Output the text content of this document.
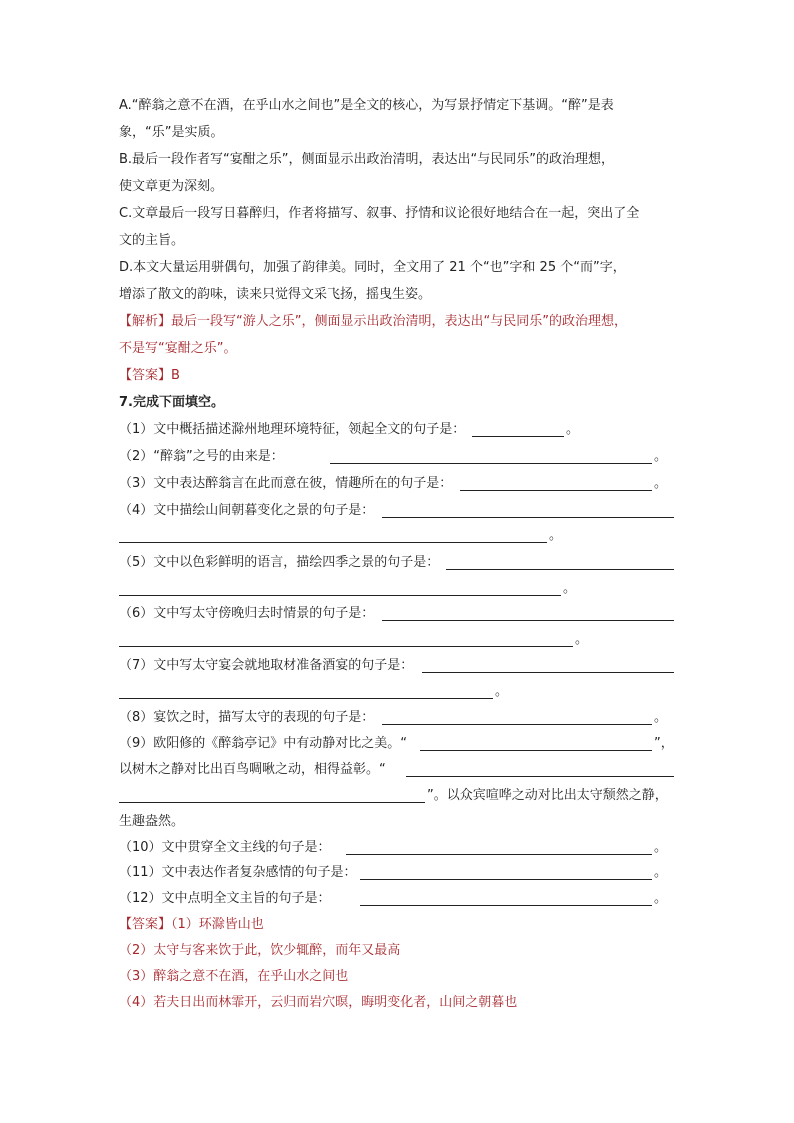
A.“醉翁之意不在酒，在乎山水之间也”是全文的核心，为写景抒情定下基调。“醉”是表
象，“乐”是实质。
B.最后一段作者写“宴酣之乐”，侧面显示出政治清明，表达出“与民同乐”的政治理想，
使文章更为深刻。
C.文章最后一段写日暮醉归，作者将描写、叙事、抒情和议论很好地结合在一起，突出了全
文的主旨。
D.本文大量运用骈偶句，加强了韵律美。同时，全文用了 21 个“也”字和 25 个“而”字，
增添了散文的韵味，读来只觉得文采飞扬，摇曳生姿。
【解析】最后一段写“游人之乐”，侧面显示出政治清明，表达出“与民同乐”的政治理想，
不是写“宴酣之乐”。
【答案】B
7.完成下面填空。
（1）文中概括描述滁州地理环境特征，领起全文的句子是：	。
（2）“醉翁”之号的由来是：	。
（3）文中表达醉翁言在此而意在彼，情趣所在的句子是：	。
（4）文中描绘山间朝暮变化之景的句子是：
。
（5）文中以色彩鲜明的语言，描绘四季之景的句子是：
。
（6）文中写太守傍晚归去时情景的句子是：
。
（7）文中写太守宴会就地取材准备酒宴的句子是：
。
（8）宴饮之时，描写太守的表现的句子是：	。
（9）欧阳修的《醉翁亭记》中有动静对比之美。“	”，
以树木之静对比出百鸟啁啾之动，相得益彰。“
”。以众宾喧哗之动对比出太守颓然之静，
生趣盎然。
（10）文中贯穿全文主线的句子是：	。
（11）文中表达作者复杂感情的句子是：	。
（12）文中点明全文主旨的句子是：	。
【答案】（1）环滁皆山也
（2）太守与客来饮于此，饮少辄醉，而年又最高
（3）醉翁之意不在酒，在乎山水之间也
（4）若夫日出而林霏开，云归而岩穴暝，晦明变化者，山间之朝暮也
